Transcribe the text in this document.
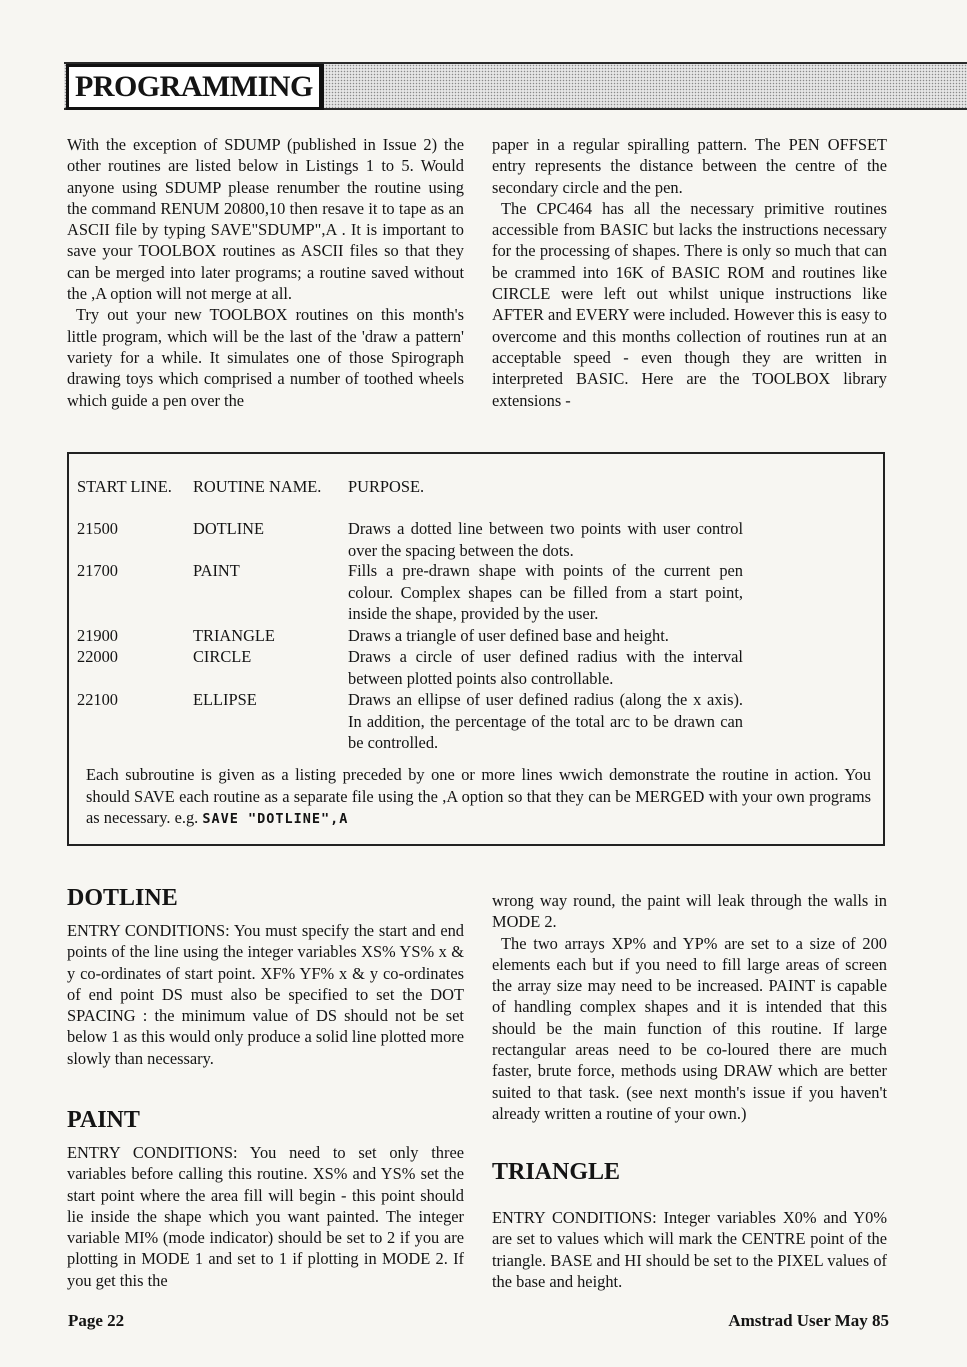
PROGRAMMING

With the exception of SDUMP (published in Issue 2) the other routines are listed below in Listings 1 to 5. Would anyone using SDUMP please renumber the routine using the command RENUM 20800,10 then resave it to tape as an ASCII file by typing SAVE"SDUMP",A . It is important to save your TOOLBOX routines as ASCII files so that they can be merged into later programs; a routine saved without the ,A option will not merge at all.

Try out your new TOOLBOX routines on this month's little program, which will be the last of the 'draw a pattern' variety for a while. It simulates one of those Spirograph drawing toys which comprised a number of toothed wheels which guide a pen over the

paper in a regular spiralling pattern. The PEN OFFSET entry represents the distance between the centre of the secondary circle and the pen.

The CPC464 has all the necessary primitive routines accessible from BASIC but lacks the instructions necessary for the processing of shapes. There is only so much that can be crammed into 16K of BASIC ROM and routines like CIRCLE were left out whilst unique instructions like AFTER and EVERY were included. However this is easy to overcome and this months collection of routines run at an acceptable speed - even though they are written in interpreted BASIC. Here are the TOOLBOX library extensions -

START LINE.	ROUTINE NAME.	PURPOSE.
21500	DOTLINE	Draws a dotted line between two points with user control over the spacing between the dots.
21700	PAINT	Fills a pre-drawn shape with points of the current pen colour. Complex shapes can be filled from a start point, inside the shape, provided by the user.
21900	TRIANGLE	Draws a triangle of user defined base and height.
22000	CIRCLE	Draws a circle of user defined radius with the interval between plotted points also controllable.
22100	ELLIPSE	Draws an ellipse of user defined radius (along the x axis). In addition, the percentage of the total arc to be drawn can be controlled.
Each subroutine is given as a listing preceded by one or more lines wwich demonstrate the routine in action. You should SAVE each routine as a separate file using the ,A option so that they can be MERGED with your own programs as necessary. e.g. SAVE "DOTLINE",A
DOTLINE

ENTRY CONDITIONS: You must specify the start and end points of the line using the integer variables XS% YS% x & y co-ordinates of start point. XF% YF% x & y co-ordinates of end point DS must also be specified to set the DOT SPACING : the minimum value of DS should not be set below 1 as this would only produce a solid line plotted more slowly than necessary.

PAINT

ENTRY CONDITIONS: You need to set only three variables before calling this routine. XS% and YS% set the start point where the area fill will begin - this point should lie inside the shape which you want painted. The integer variable MI% (mode indicator) should be set to 2 if you are plotting in MODE 1 and set to 1 if plotting in MODE 2. If you get this the

wrong way round, the paint will leak through the walls in MODE 2.

The two arrays XP% and YP% are set to a size of 200 elements each but if you need to fill large areas of screen the array size may need to be increased. PAINT is capable of handling complex shapes and it is intended that this should be the main function of this routine. If large rectangular areas need to be co-loured there are much faster, brute force, methods using DRAW which are better suited to that task. (see next month's issue if you haven't already written a routine of your own.)

TRIANGLE

ENTRY CONDITIONS: Integer variables X0% and Y0% are set to values which will mark the CENTRE point of the triangle. BASE and HI should be set to the PIXEL values of the base and height.

Page 22	Amstrad User May 85
